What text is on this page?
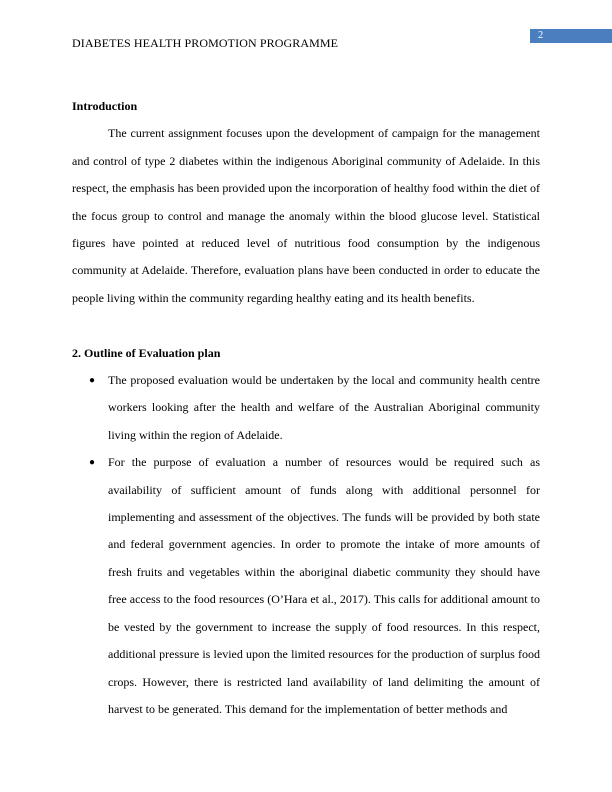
2
DIABETES HEALTH PROMOTION PROGRAMME

Introduction

The current assignment focuses upon the development of campaign for the management and control of type 2 diabetes within the indigenous Aboriginal community of Adelaide. In this respect, the emphasis has been provided upon the incorporation of healthy food within the diet of the focus group to control and manage the anomaly within the blood glucose level. Statistical figures have pointed at reduced level of nutritious food consumption by the indigenous community at Adelaide. Therefore, evaluation plans have been conducted in order to educate the people living within the community regarding healthy eating and its health benefits.

2. Outline of Evaluation plan

● The proposed evaluation would be undertaken by the local and community health centre workers looking after the health and welfare of the Australian Aboriginal community living within the region of Adelaide.
● For the purpose of evaluation a number of resources would be required such as availability of sufficient amount of funds along with additional personnel for implementing and assessment of the objectives. The funds will be provided by both state and federal government agencies. In order to promote the intake of more amounts of fresh fruits and vegetables within the aboriginal diabetic community they should have free access to the food resources (O’Hara et al., 2017). This calls for additional amount to be vested by the government to increase the supply of food resources. In this respect, additional pressure is levied upon the limited resources for the production of surplus food crops. However, there is restricted land availability of land delimiting the amount of harvest to be generated. This demand for the implementation of better methods and
